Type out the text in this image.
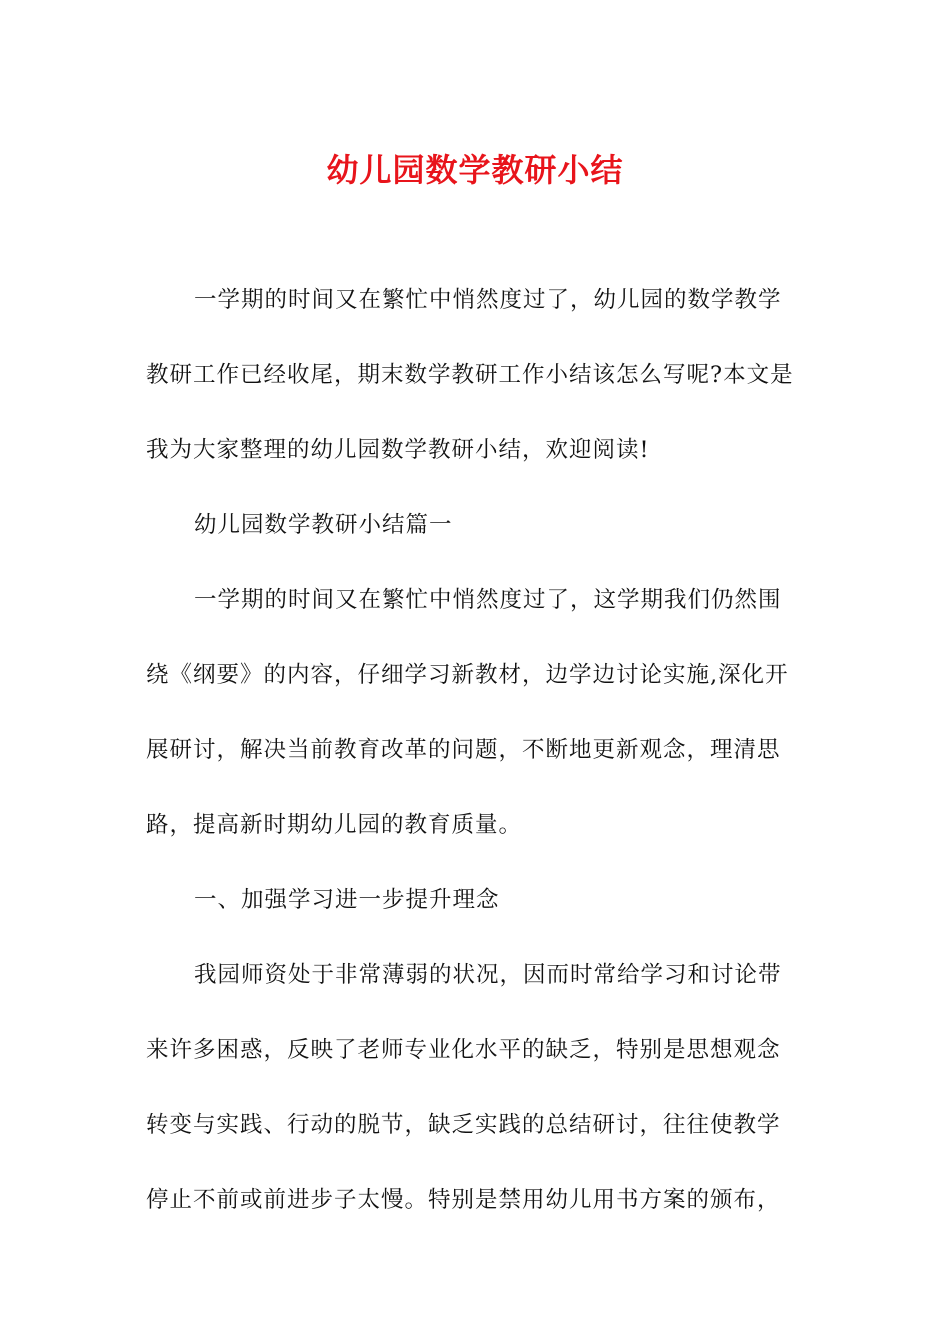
幼儿园数学教研小结
一学期的时间又在繁忙中悄然度过了，幼儿园的数学教学
教研工作已经收尾，期末数学教研工作小结该怎么写呢?本文是
我为大家整理的幼儿园数学教研小结，欢迎阅读!
幼儿园数学教研小结篇一
一学期的时间又在繁忙中悄然度过了，这学期我们仍然围
绕《纲要》的内容，仔细学习新教材，边学边讨论实施,深化开
展研讨，解决当前教育改革的问题，不断地更新观念，理清思
路，提高新时期幼儿园的教育质量。
一、加强学习进一步提升理念
我园师资处于非常薄弱的状况，因而时常给学习和讨论带
来许多困惑，反映了老师专业化水平的缺乏，特别是思想观念
转变与实践、行动的脱节，缺乏实践的总结研讨，往往使教学
停止不前或前进步子太慢。特别是禁用幼儿用书方案的颁布，
